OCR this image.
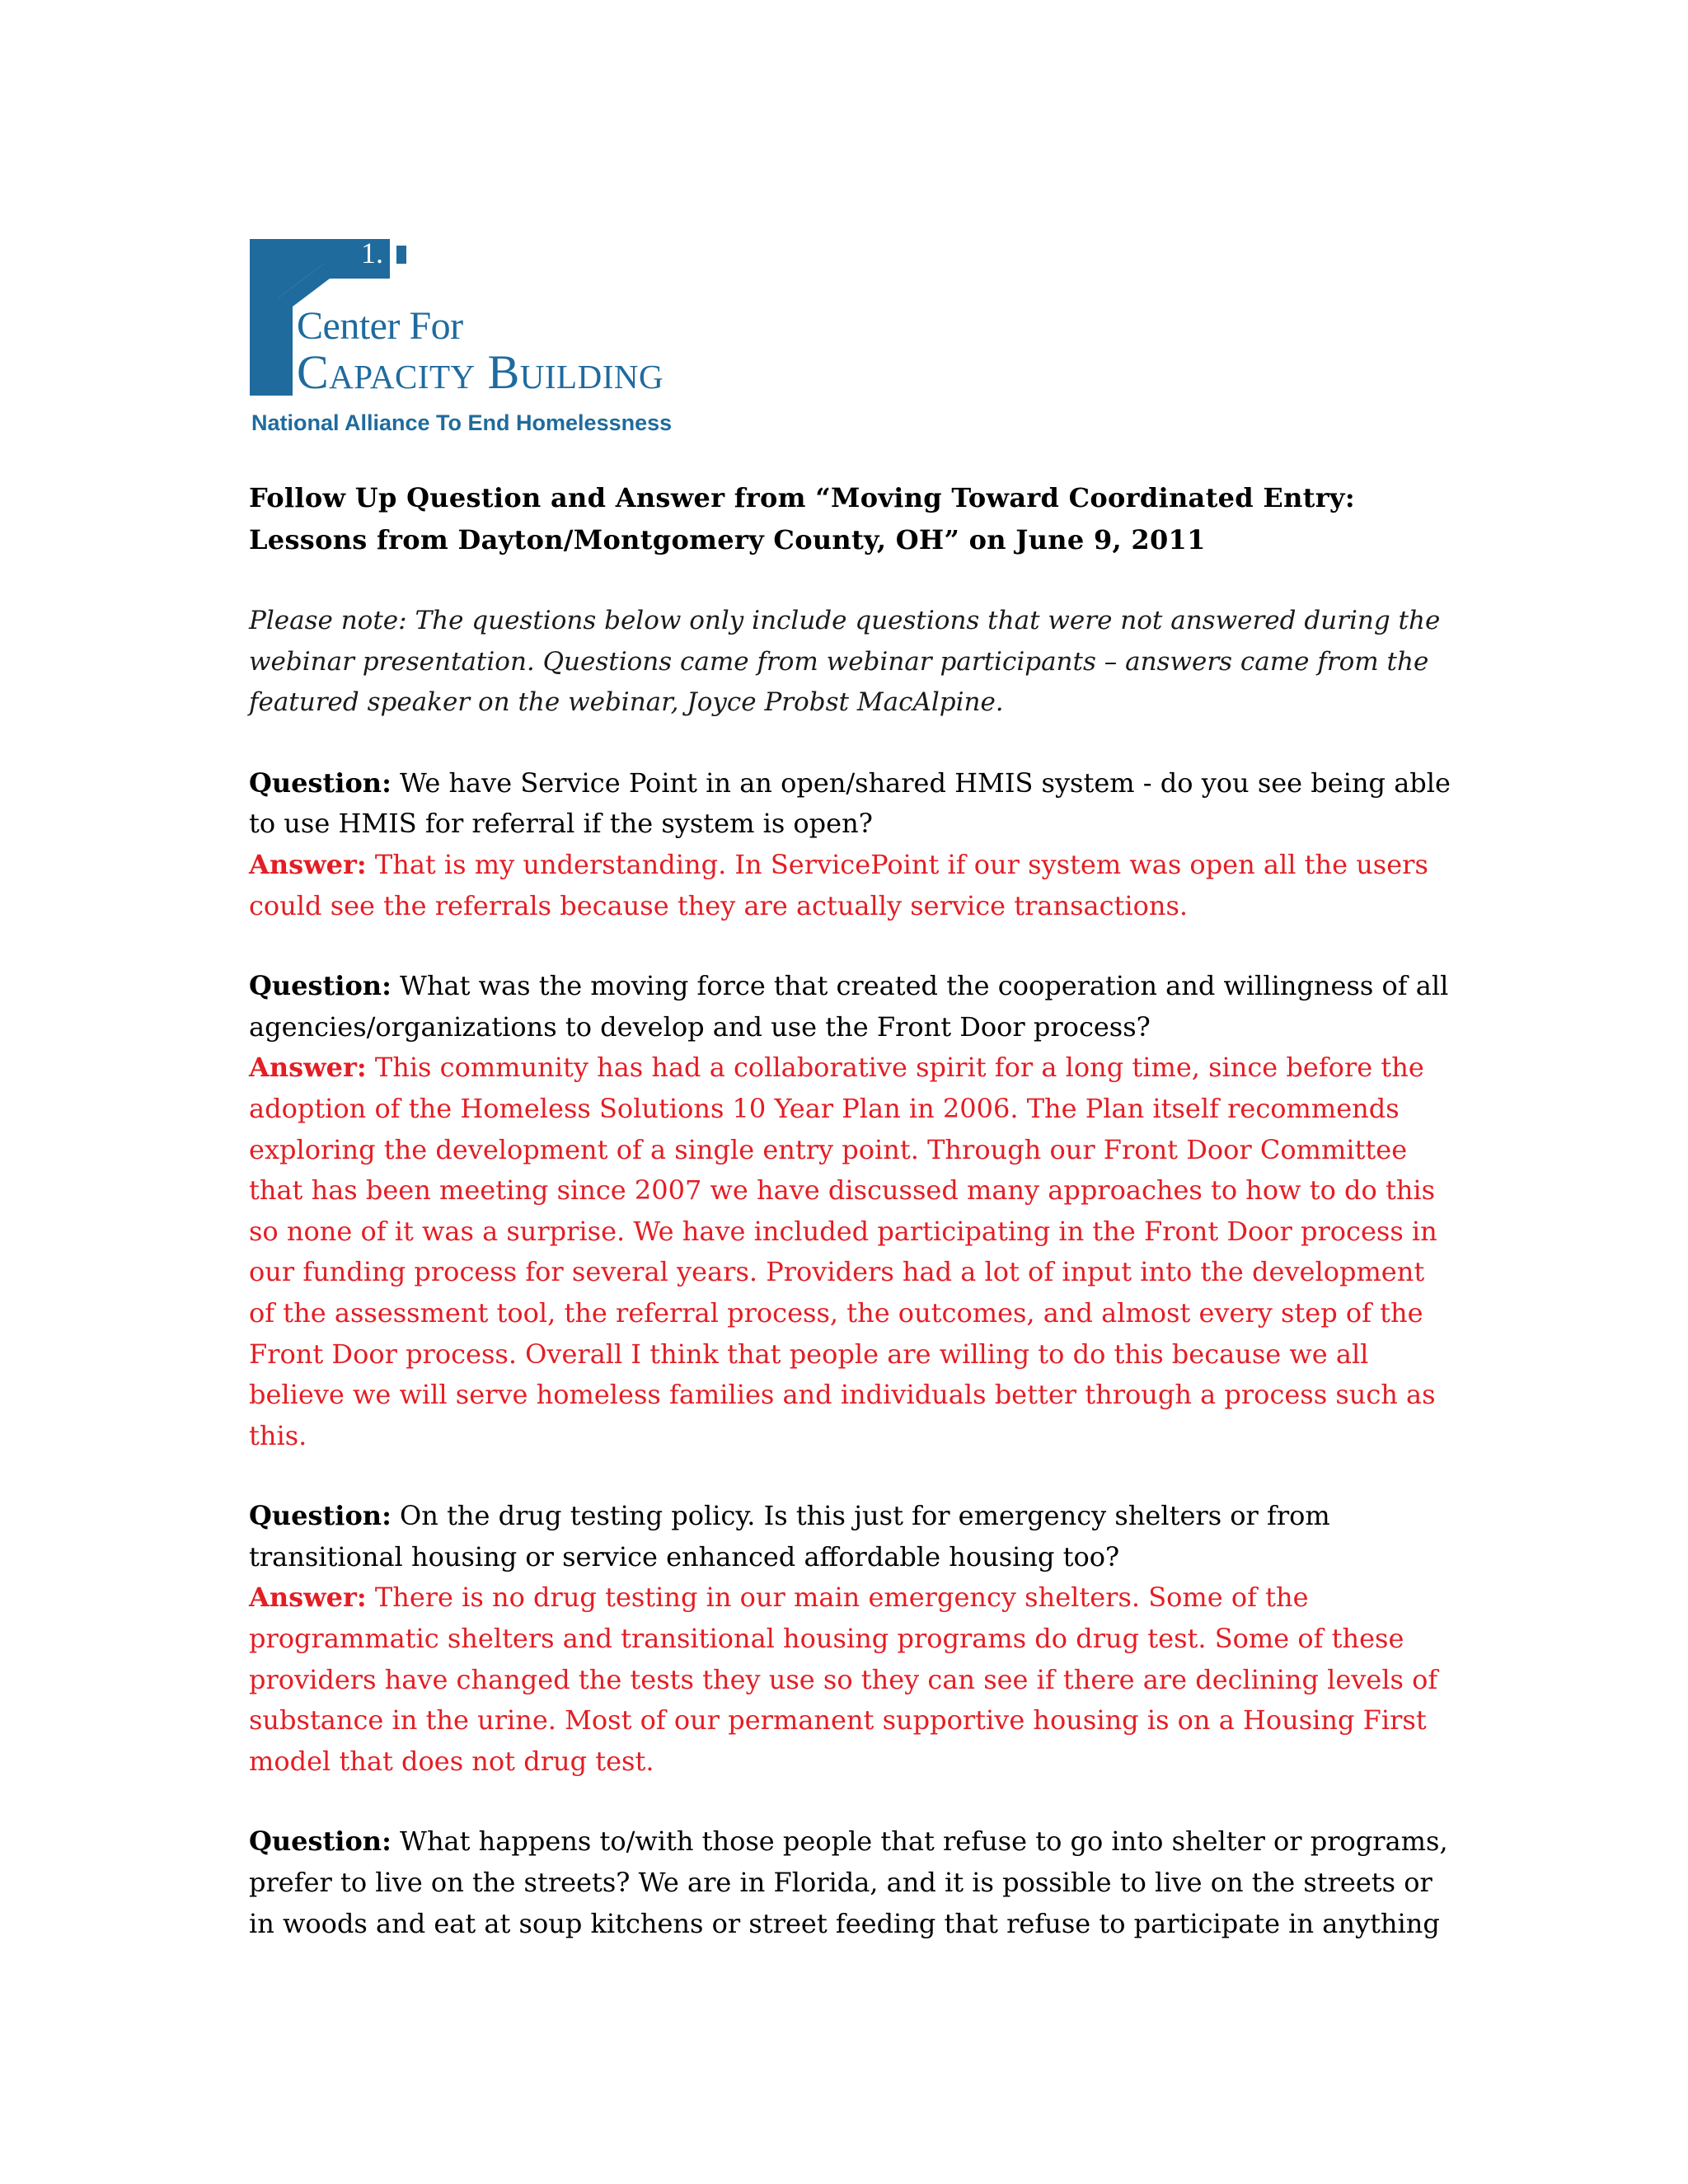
1.
Center For
Capacity Building
National Alliance To End Homelessness

Follow Up Question and Answer from “Moving Toward Coordinated Entry: Lessons from Dayton/Montgomery County, OH” on June 9, 2011

Please note: The questions below only include questions that were not answered during the webinar presentation. Questions came from webinar participants – answers came from the featured speaker on the webinar, Joyce Probst MacAlpine.

Question: We have Service Point in an open/shared HMIS system - do you see being able to use HMIS for referral if the system is open?

Answer: That is my understanding. In ServicePoint if our system was open all the users could see the referrals because they are actually service transactions.

Question: What was the moving force that created the cooperation and willingness of all agencies/organizations to develop and use the Front Door process?

Answer: This community has had a collaborative spirit for a long time, since before the adoption of the Homeless Solutions 10 Year Plan in 2006. The Plan itself recommends exploring the development of a single entry point. Through our Front Door Committee that has been meeting since 2007 we have discussed many approaches to how to do this so none of it was a surprise. We have included participating in the Front Door process in our funding process for several years. Providers had a lot of input into the development of the assessment tool, the referral process, the outcomes, and almost every step of the Front Door process. Overall I think that people are willing to do this because we all believe we will serve homeless families and individuals better through a process such as this.

Question: On the drug testing policy. Is this just for emergency shelters or from transitional housing or service enhanced affordable housing too?

Answer: There is no drug testing in our main emergency shelters. Some of the programmatic shelters and transitional housing programs do drug test. Some of these providers have changed the tests they use so they can see if there are declining levels of substance in the urine. Most of our permanent supportive housing is on a Housing First model that does not drug test.

Question: What happens to/with those people that refuse to go into shelter or programs, prefer to live on the streets? We are in Florida, and it is possible to live on the streets or in woods and eat at soup kitchens or street feeding that refuse to participate in anything
